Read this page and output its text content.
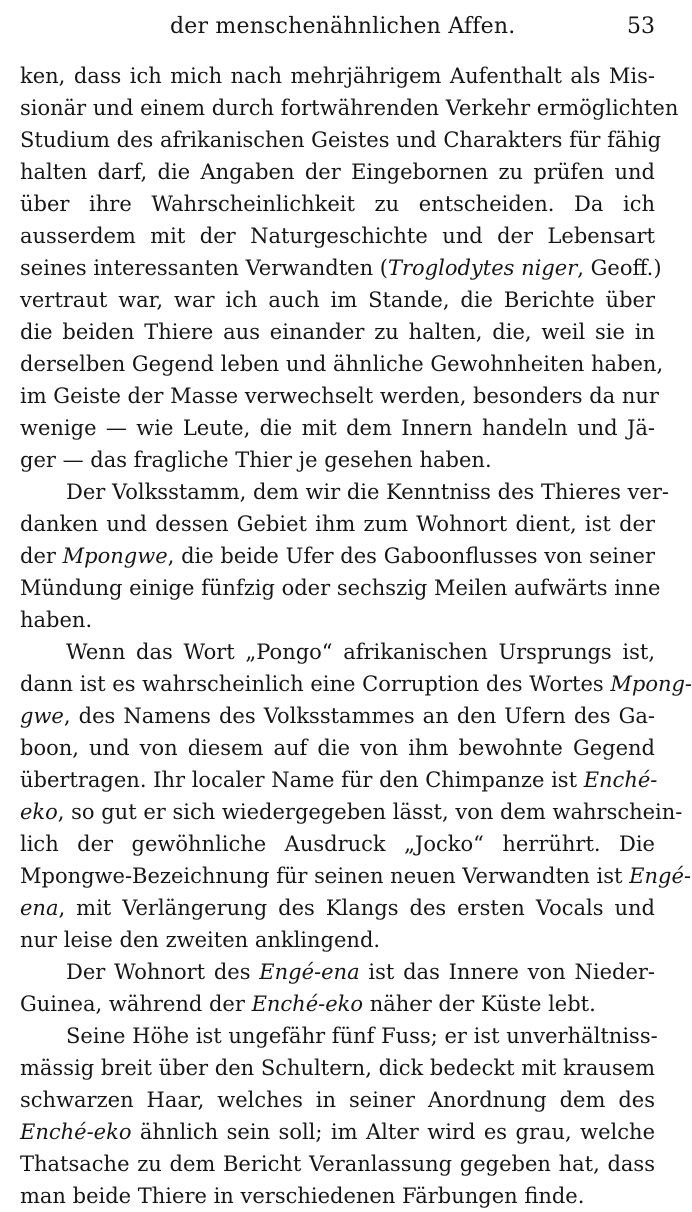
der menschenähnlichen Affen.	53
ken, dass ich mich nach mehrjährigem Aufenthalt als Mis-
sionär und einem durch fortwährenden Verkehr ermöglichten
Studium des afrikanischen Geistes und Charakters für fähig
halten darf, die Angaben der Eingebornen zu prüfen und
über ihre Wahrscheinlichkeit zu entscheiden. Da ich
ausserdem mit der Naturgeschichte und der Lebensart
seines interessanten Verwandten (Troglodytes niger, Geoff.)
vertraut war, war ich auch im Stande, die Berichte über
die beiden Thiere aus einander zu halten, die, weil sie in
derselben Gegend leben und ähnliche Gewohnheiten haben,
im Geiste der Masse verwechselt werden, besonders da nur
wenige — wie Leute, die mit dem Innern handeln und Jä-
ger — das fragliche Thier je gesehen haben.
Der Volksstamm, dem wir die Kenntniss des Thieres ver-
danken und dessen Gebiet ihm zum Wohnort dient, ist der
der Mpongwe, die beide Ufer des Gaboonflusses von seiner
Mündung einige fünfzig oder sechszig Meilen aufwärts inne
haben.
Wenn das Wort „Pongo“ afrikanischen Ursprungs ist,
dann ist es wahrscheinlich eine Corruption des Wortes Mpong-
gwe, des Namens des Volksstammes an den Ufern des Ga-
boon, und von diesem auf die von ihm bewohnte Gegend
übertragen. Ihr localer Name für den Chimpanze ist Enché-
eko, so gut er sich wiedergegeben lässt, von dem wahrschein-
lich der gewöhnliche Ausdruck „Jocko“ herrührt. Die
Mpongwe-Bezeichnung für seinen neuen Verwandten ist Engé-
ena, mit Verlängerung des Klangs des ersten Vocals und
nur leise den zweiten anklingend.
Der Wohnort des Engé-ena ist das Innere von Nieder-
Guinea, während der Enché-eko näher der Küste lebt.
Seine Höhe ist ungefähr fünf Fuss; er ist unverhältniss-
mässig breit über den Schultern, dick bedeckt mit krausem
schwarzen Haar, welches in seiner Anordnung dem des
Enché-eko ähnlich sein soll; im Alter wird es grau, welche
Thatsache zu dem Bericht Veranlassung gegeben hat, dass
man beide Thiere in verschiedenen Färbungen finde.
